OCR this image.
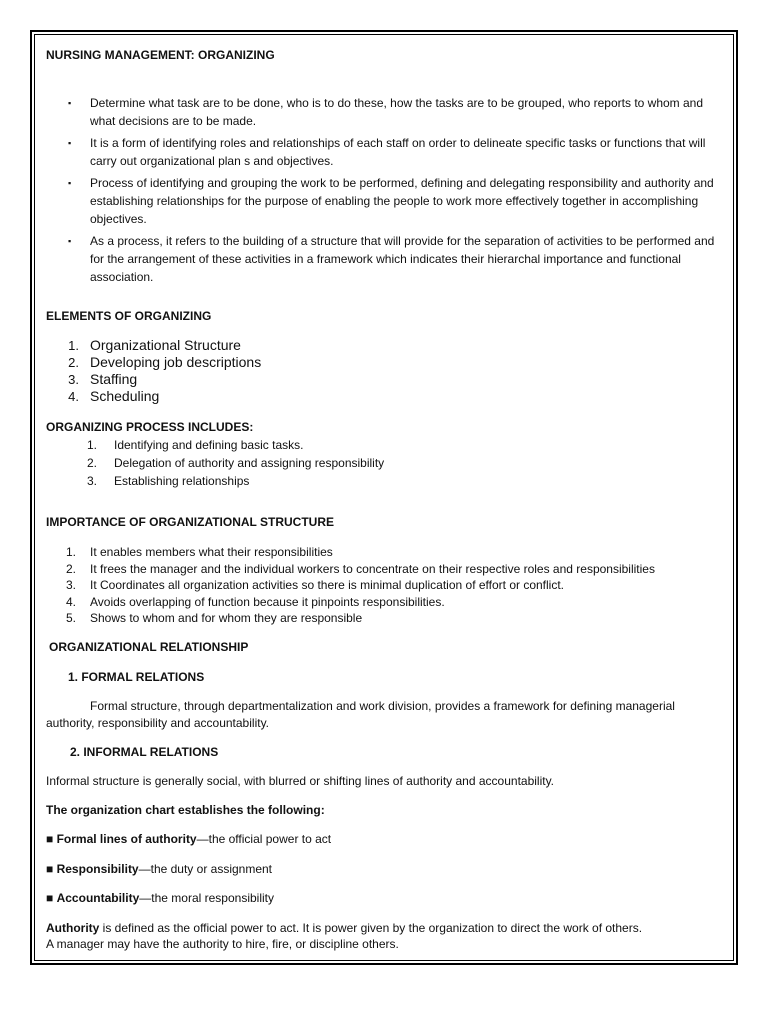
NURSING MANAGEMENT: ORGANIZING

▪ Determine what task are to be done, who is to do these, how the tasks are to be grouped, who reports to whom and what decisions are to be made.
▪ It is a form of identifying roles and relationships of each staff on order to delineate specific tasks or functions that will carry out organizational plan s and objectives.
▪ Process of identifying and grouping the work to be performed, defining and delegating responsibility and authority and establishing relationships for the purpose of enabling the people to work more effectively together in accomplishing objectives.
▪ As a process, it refers to the building of a structure that will provide for the separation of activities to be performed and for the arrangement of these activities in a framework which indicates their hierarchal importance and functional association.

ELEMENTS OF ORGANIZING

1. Organizational Structure
2. Developing job descriptions
3. Staffing
4. Scheduling

ORGANIZING PROCESS INCLUDES:

1. Identifying and defining basic tasks.
2. Delegation of authority and assigning responsibility
3. Establishing relationships

IMPORTANCE OF ORGANIZATIONAL STRUCTURE

1. It enables members what their responsibilities
2. It frees the manager and the individual workers to concentrate on their respective roles and responsibilities
3. It Coordinates all organization activities so there is minimal duplication of effort or conflict.
4. Avoids overlapping of function because it pinpoints responsibilities.
5. Shows to whom and for whom they are responsible

ORGANIZATIONAL RELATIONSHIP

1. FORMAL RELATIONS

Formal structure, through departmentalization and work division, provides a framework for defining managerial authority, responsibility and accountability.

2. INFORMAL RELATIONS

Informal structure is generally social, with blurred or shifting lines of authority and accountability.

The organization chart establishes the following:

■ Formal lines of authority—the official power to act

■ Responsibility—the duty or assignment

■ Accountability—the moral responsibility

Authority is defined as the official power to act. It is power given by the organization to direct the work of others.
A manager may have the authority to hire, fire, or discipline others.
